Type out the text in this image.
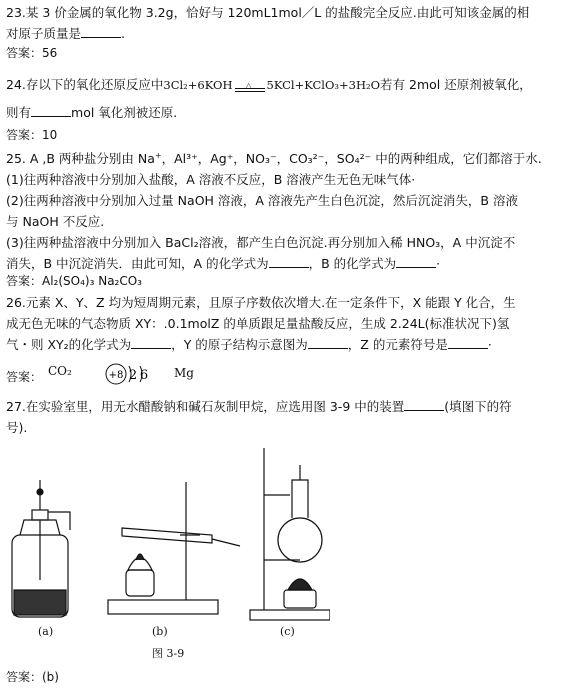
23.某 3 价金属的氧化物 3.2g，恰好与 120mL1mol／L 的盐酸完全反应.由此可知该金属的相
对原子质量是	.
答案：56
24.存以下的氧化还原反应中3Cl₂+6KOH △ 5KCl+KClO₃+3H₂O若有 2mol 还原剂被氧化，
则有	mol 氧化剂被还原.
答案：10
25. A ,B 两种盐分别由 Na+，Al³⁺，Ag⁺，NO₃⁻，CO₃²⁻，SO₄²⁻ 中的两种组成，它们都溶于水.
(1)往两种溶液中分别加入盐酸，A 溶液不反应，B 溶液产生无色无味气体·
(2)往两种溶液中分别加入过量 NaOH 溶液，A 溶液先产生白色沉淀，然后沉淀消失，B 溶液
与 NaOH 不反应.
(3)往两种盐溶液中分别加入 BaCl₂溶液，都产生白色沉淀.再分别加入稀 HNO₃，A 中沉淀不
消失，B 中沉淀消失．由此可知，A 的化学式为	，B 的化学式为	·
答案：Al₂(SO₄)₃ Na₂CO₃
26.元素 X、Y、Z 均为短周期元素，且原子序数依次增大.在一定条件下，X 能跟 Y 化合，生
成无色无味的气态物质 XY：.0.1molZ 的单质跟足量盐酸反应，生成 2.24L(标准状况下)氢
气・则 XY₂的化学式为	，Y 的原子结构示意图为	，Z 的元素符号是	·
答案： CO₂	+8 2 6 Mg
27.在实验室里，用无水醋酸钠和碱石灰制甲烷，应选用图 3-9 中的装置	(填图下的符
号).
(a)	(b)	(c)
图 3-9
答案：(b)
